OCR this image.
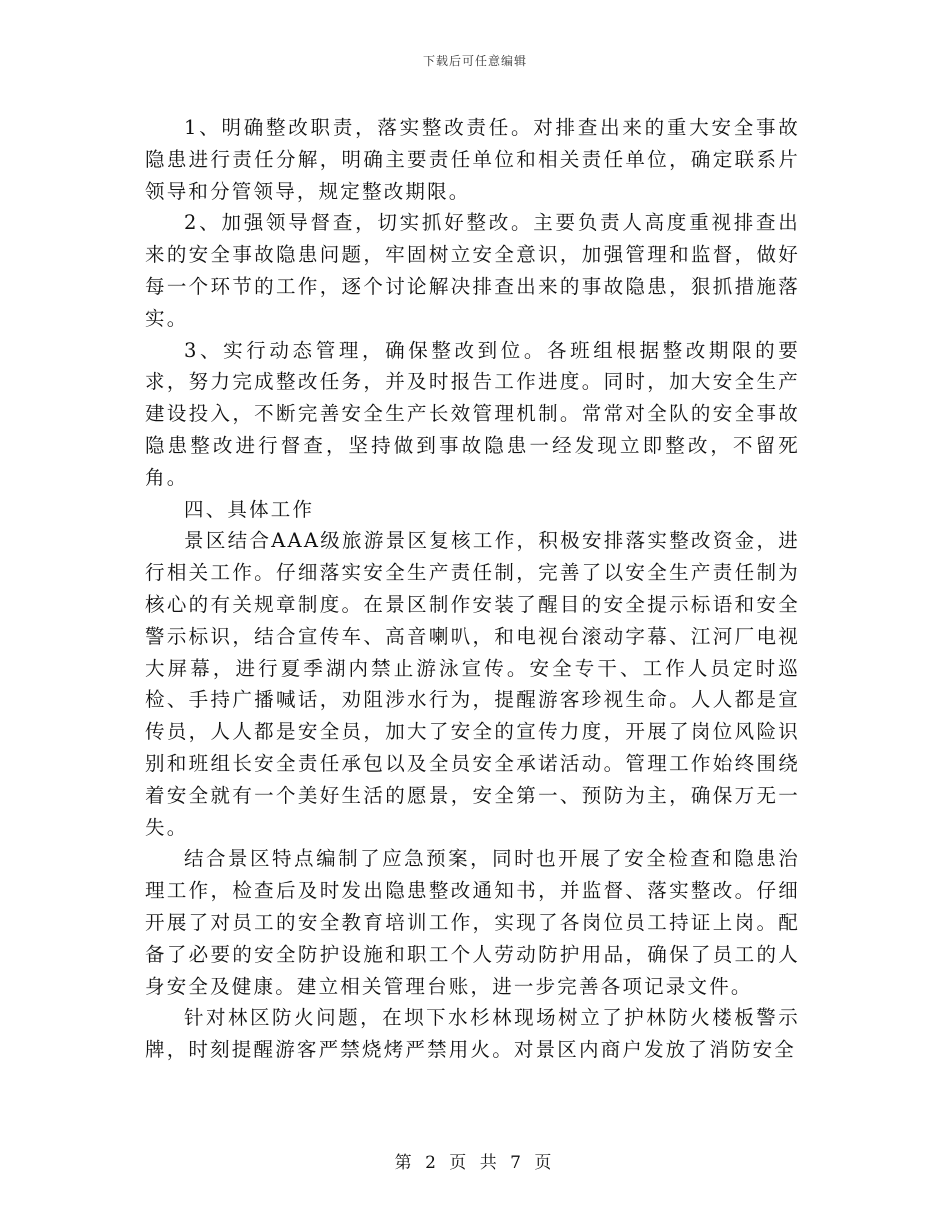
下载后可任意编辑

1、明确整改职责，落实整改责任。对排查出来的重大安全事故隐患进行责任分解，明确主要责任单位和相关责任单位，确定联系片领导和分管领导，规定整改期限。

2、加强领导督查，切实抓好整改。主要负责人高度重视排查出来的安全事故隐患问题，牢固树立安全意识，加强管理和监督，做好每一个环节的工作，逐个讨论解决排查出来的事故隐患，狠抓措施落实。

3、实行动态管理，确保整改到位。各班组根据整改期限的要求，努力完成整改任务，并及时报告工作进度。同时，加大安全生产建设投入，不断完善安全生产长效管理机制。常常对全队的安全事故隐患整改进行督查，坚持做到事故隐患一经发现立即整改，不留死角。

四、具体工作

景区结合AAA级旅游景区复核工作，积极安排落实整改资金，进行相关工作。仔细落实安全生产责任制，完善了以安全生产责任制为核心的有关规章制度。在景区制作安装了醒目的安全提示标语和安全警示标识，结合宣传车、高音喇叭，和电视台滚动字幕、江河厂电视大屏幕，进行夏季湖内禁止游泳宣传。安全专干、工作人员定时巡检、手持广播喊话，劝阻涉水行为，提醒游客珍视生命。人人都是宣传员，人人都是安全员，加大了安全的宣传力度，开展了岗位风险识别和班组长安全责任承包以及全员安全承诺活动。管理工作始终围绕着安全就有一个美好生活的愿景，安全第一、预防为主，确保万无一失。

结合景区特点编制了应急预案，同时也开展了安全检查和隐患治理工作，检查后及时发出隐患整改通知书，并监督、落实整改。仔细开展了对员工的安全教育培训工作，实现了各岗位员工持证上岗。配备了必要的安全防护设施和职工个人劳动防护用品，确保了员工的人身安全及健康。建立相关管理台账，进一步完善各项记录文件。

针对林区防火问题，在坝下水杉林现场树立了护林防火楼板警示牌，时刻提醒游客严禁烧烤严禁用火。对景区内商户发放了消防安全

第 2 页 共 7 页
